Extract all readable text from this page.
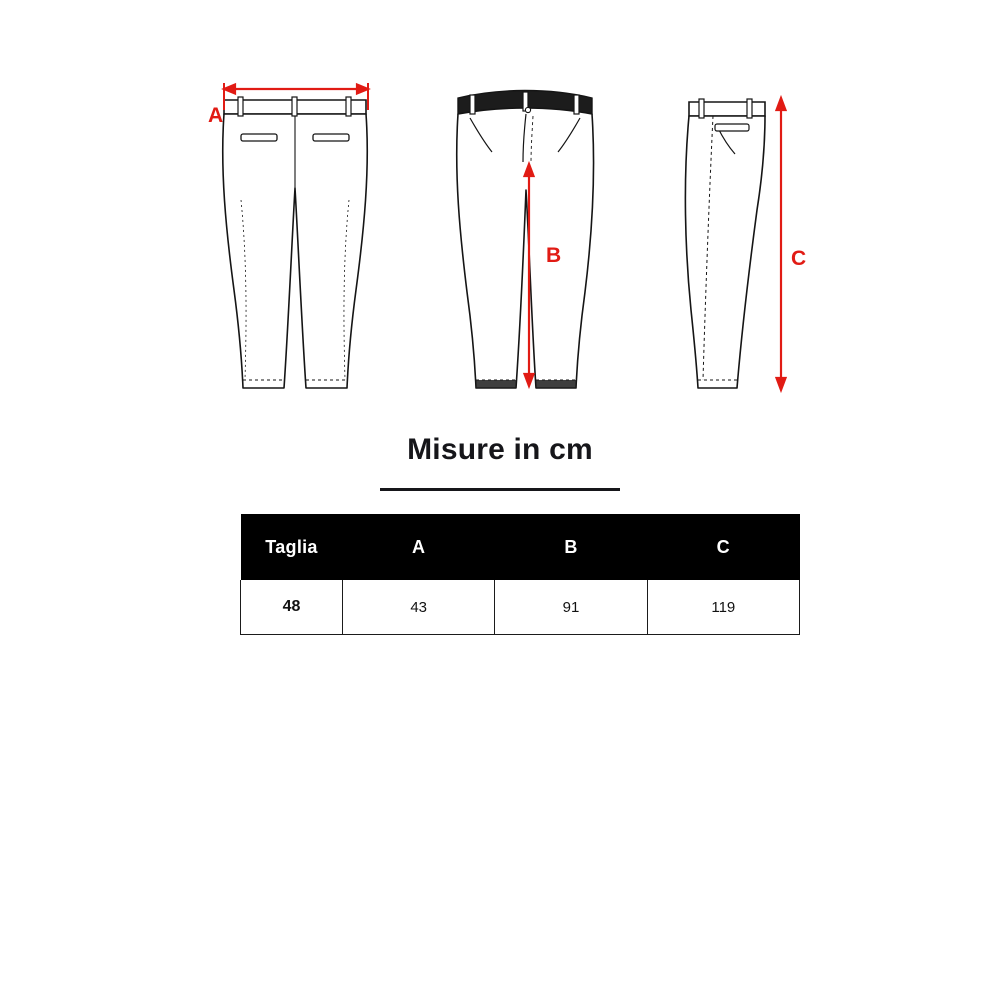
A
B	C
Misure in cm
Taglia	A	B	C
48	43	91	119
